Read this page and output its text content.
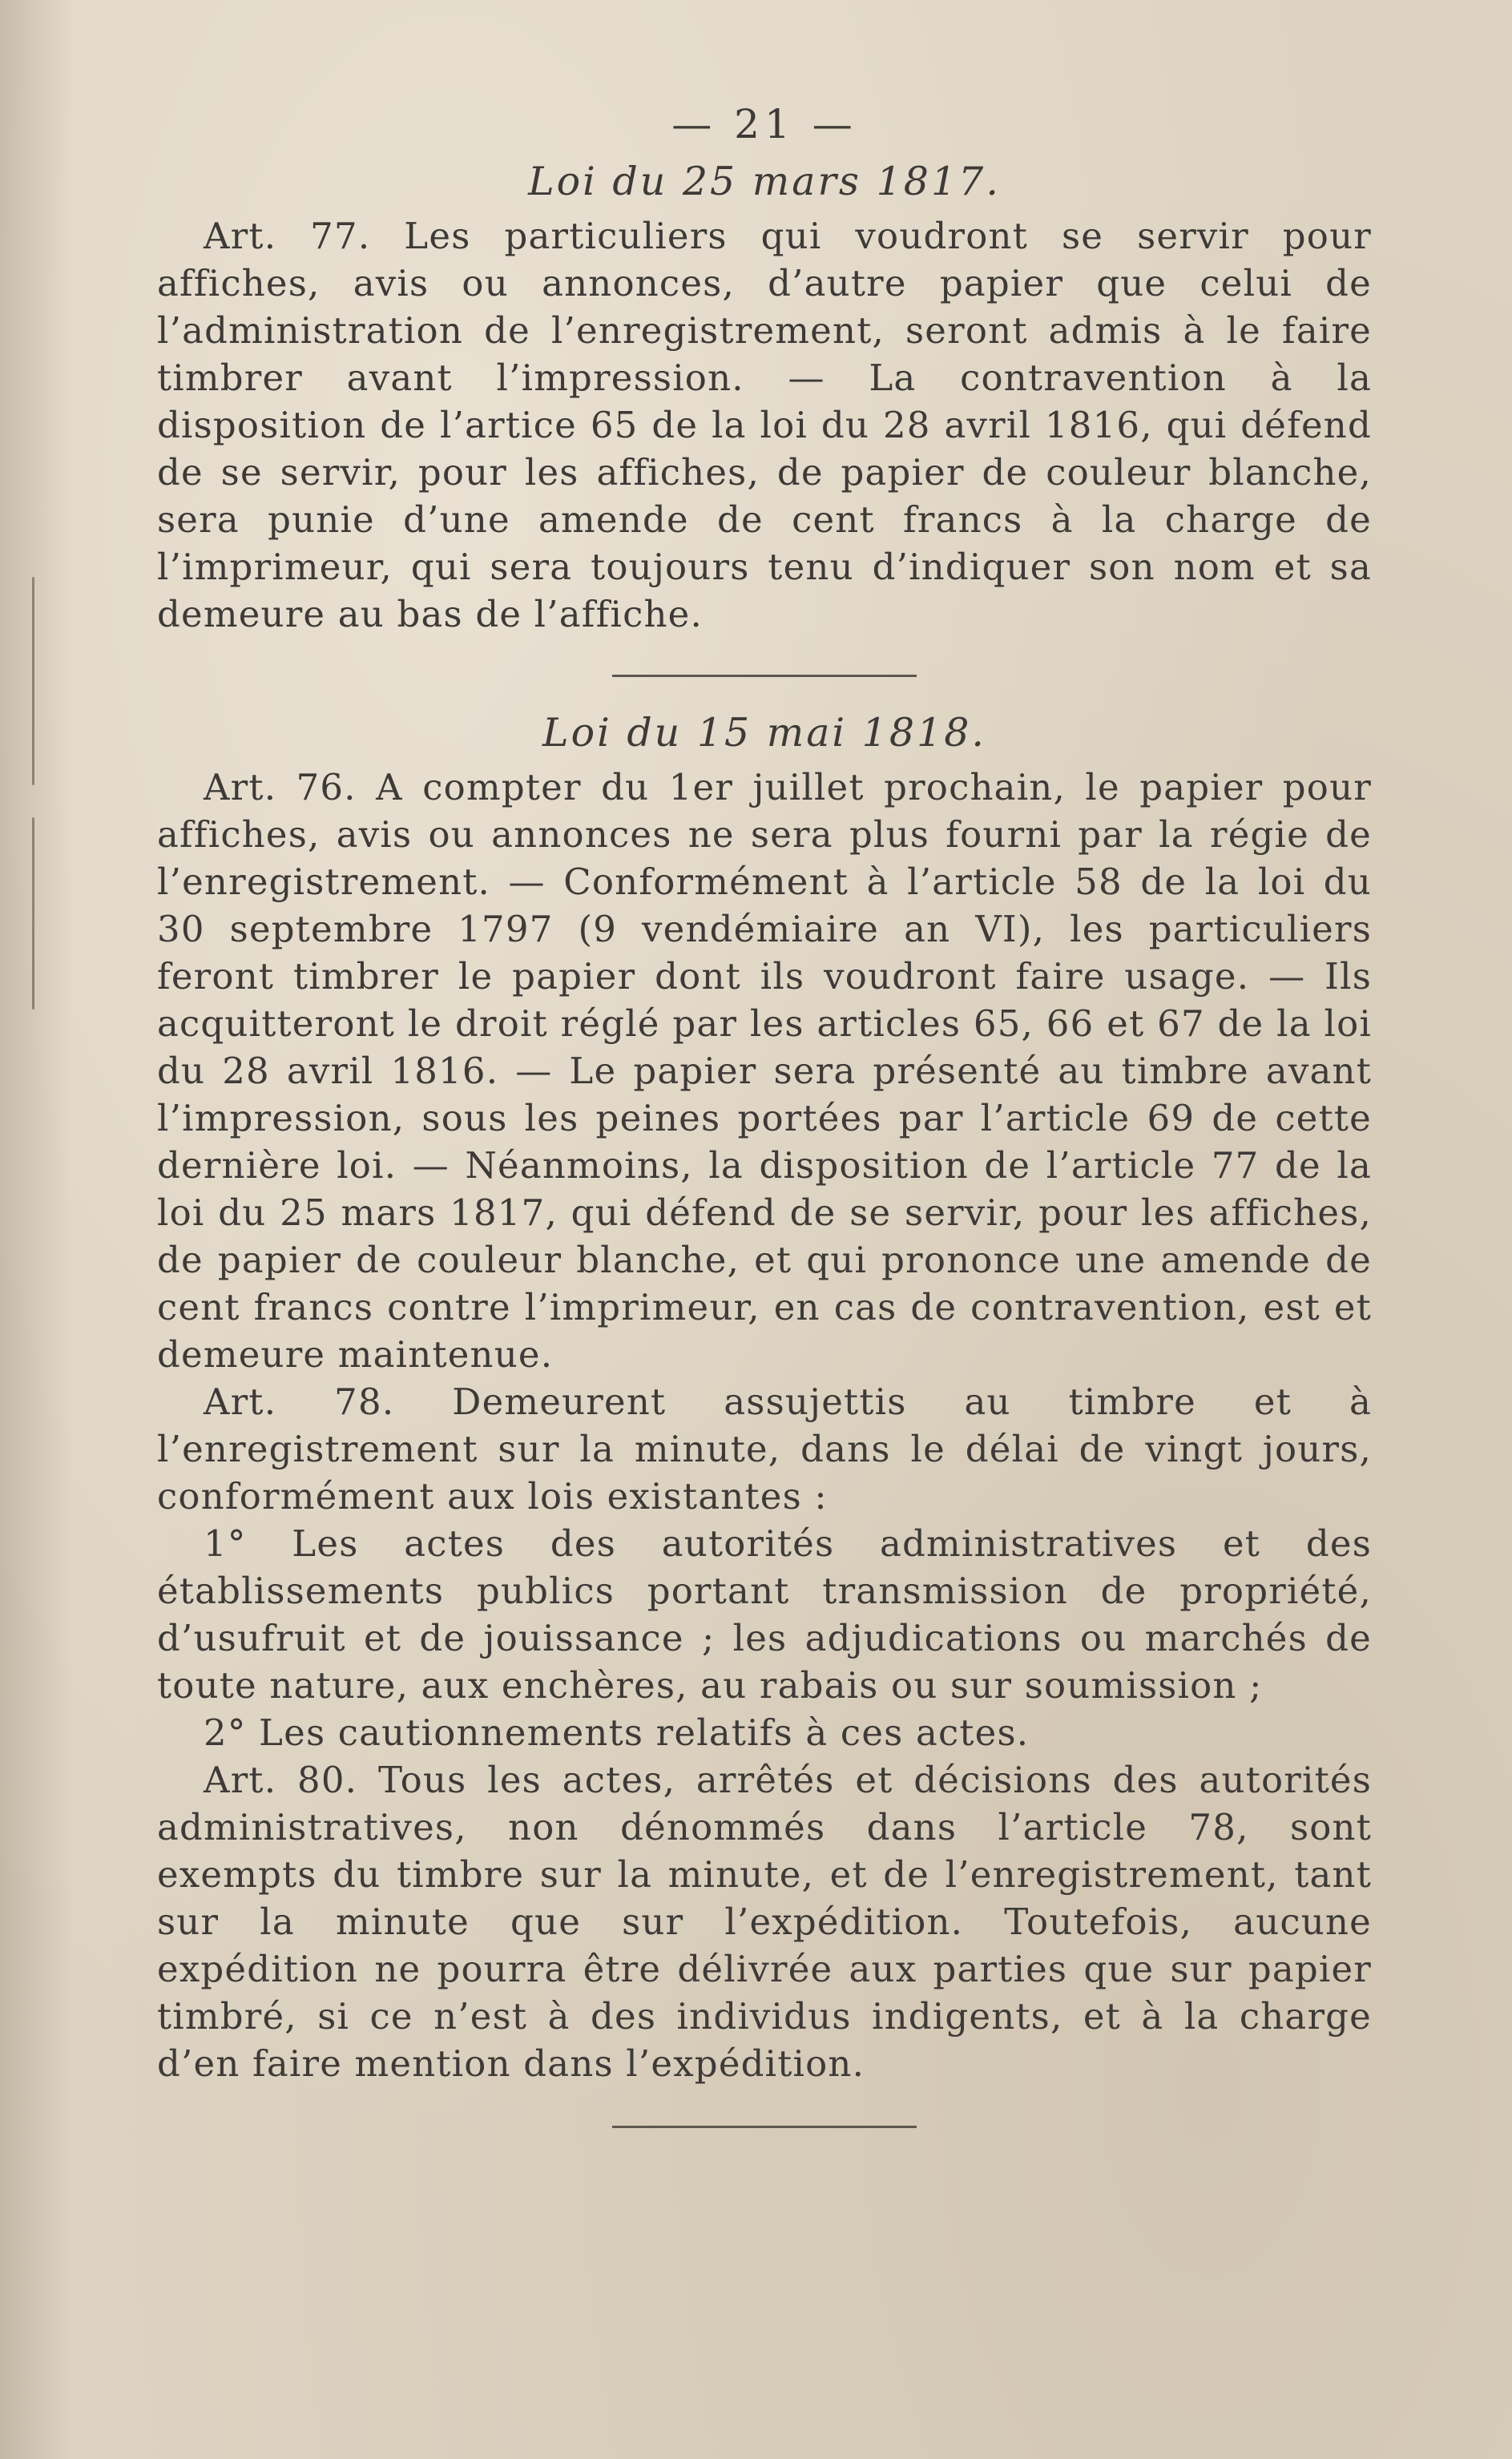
— 21 —
Loi du 25 mars 1817.

Art. 77. Les particuliers qui voudront se servir pour affiches, avis ou annonces, d’autre papier que celui de l’administration de l’enregistrement, seront admis à le faire timbrer avant l’impression. — La contravention à la disposition de l’artice 65 de la loi du 28 avril 1816, qui défend de se servir, pour les affiches, de papier de couleur blanche, sera punie d’une amende de cent francs à la charge de l’imprimeur, qui sera toujours tenu d’indiquer son nom et sa demeure au bas de l’affiche.

Loi du 15 mai 1818.

Art. 76. A compter du 1er juillet prochain, le papier pour affiches, avis ou annonces ne sera plus fourni par la régie de l’enregistrement. — Conformément à l’article 58 de la loi du 30 septembre 1797 (9 vendémiaire an VI), les particuliers feront timbrer le papier dont ils voudront faire usage. — Ils acquitteront le droit réglé par les articles 65, 66 et 67 de la loi du 28 avril 1816. — Le papier sera présenté au timbre avant l’impression, sous les peines portées par l’article 69 de cette dernière loi. — Néanmoins, la disposition de l’article 77 de la loi du 25 mars 1817, qui défend de se servir, pour les affiches, de papier de couleur blanche, et qui prononce une amende de cent francs contre l’imprimeur, en cas de contravention, est et demeure maintenue.

Art. 78. Demeurent assujettis au timbre et à l’enregistrement sur la minute, dans le délai de vingt jours, conformément aux lois existantes :

1° Les actes des autorités administratives et des établissements publics portant transmission de propriété, d’usufruit et de jouissance ; les adjudications ou marchés de toute nature, aux enchères, au rabais ou sur soumission ;

2° Les cautionnements relatifs à ces actes.

Art. 80. Tous les actes, arrêtés et décisions des autorités administratives, non dénommés dans l’article 78, sont exempts du timbre sur la minute, et de l’enregistrement, tant sur la minute que sur l’expédition. Toutefois, aucune expédition ne pourra être délivrée aux parties que sur papier timbré, si ce n’est à des individus indigents, et à la charge d’en faire mention dans l’expédition.
